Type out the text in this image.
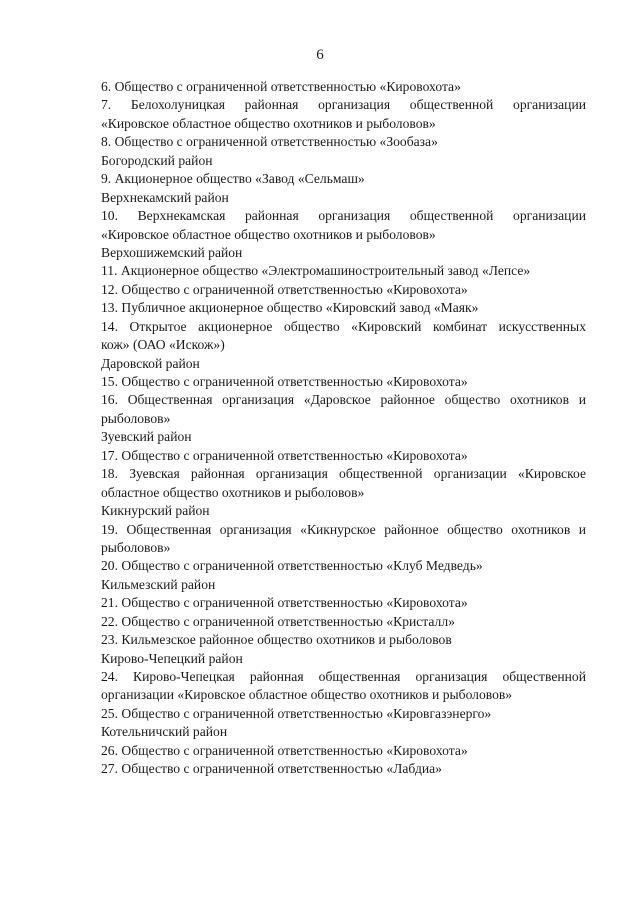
6
6. Общество с ограниченной ответственностью «Кировохота»
7. Белохолуницкая районная организация общественной организации
«Кировское областное общество охотников и рыболовов»
8. Общество с ограниченной ответственностью «Зообаза»
Богородский район
9. Акционерное общество «Завод «Сельмаш»
Верхнекамский район
10. Верхнекамская районная организация общественной организации
«Кировское областное общество охотников и рыболовов»
Верхошижемский район
11. Акционерное общество «Электромашиностроительный завод «Лепсе»
12. Общество с ограниченной ответственностью «Кировохота»
13. Публичное акционерное общество «Кировский завод «Маяк»
14. Открытое акционерное общество «Кировский комбинат искусственных
кож» (ОАО «Искож»)
Даровской район
15. Общество с ограниченной ответственностью «Кировохота»
16. Общественная организация «Даровское районное общество охотников и
рыболовов»
Зуевский район
17. Общество с ограниченной ответственностью «Кировохота»
18. Зуевская районная организация общественной организации «Кировское
областное общество охотников и рыболовов»
Кикнурский район
19. Общественная организация «Кикнурское районное общество охотников и
рыболовов»
20. Общество с ограниченной ответственностью «Клуб Медведь»
Кильмезский район
21. Общество с ограниченной ответственностью «Кировохота»
22. Общество с ограниченной ответственностью «Кристалл»
23. Кильмезское районное общество охотников и рыболовов
Кирово-Чепецкий район
24. Кирово-Чепецкая районная общественная организация общественной
организации «Кировское областное общество охотников и рыболовов»
25. Общество с ограниченной ответственностью «Кировгазэнерго»
Котельничский район
26. Общество с ограниченной ответственностью «Кировохота»
27. Общество с ограниченной ответственностью «Лабдиа»
